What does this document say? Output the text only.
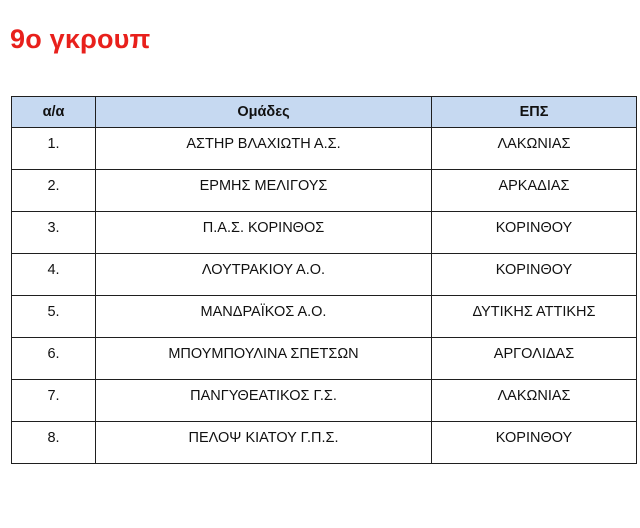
9ο γκρουπ
α/α	Ομάδες	ΕΠΣ

1.	ΑΣΤΗΡ ΒΛΑΧΙΩΤΗ Α.Σ.	ΛΑΚΩΝΙΑΣ

2.	ΕΡΜΗΣ ΜΕΛΙΓΟΥΣ	ΑΡΚΑΔΙΑΣ

3.	Π.Α.Σ. ΚΟΡΙΝΘΟΣ	ΚΟΡΙΝΘΟΥ

4.	ΛΟΥΤΡΑΚΙΟΥ Α.Ο.	ΚΟΡΙΝΘΟΥ

5.	ΜΑΝΔΡΑΪΚΟΣ Α.Ο.	ΔΥΤΙΚΗΣ ΑΤΤΙΚΗΣ

6.	ΜΠΟΥΜΠΟΥΛΙΝΑ ΣΠΕΤΣΩΝ	ΑΡΓΟΛΙΔΑΣ

7.	ΠΑΝΓΥΘΕΑΤΙΚΟΣ Γ.Σ.	ΛΑΚΩΝΙΑΣ

8.	ΠΕΛΟΨ ΚΙΑΤΟΥ Γ.Π.Σ.	ΚΟΡΙΝΘΟΥ
